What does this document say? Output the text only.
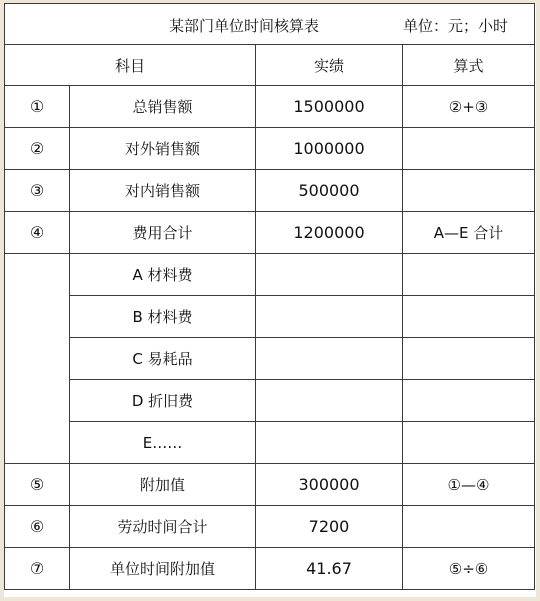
某部门单位时间核算表 单位：元；小时			

科目		实绩	算式
①	总销售额	1500000	②+③
②	对外销售额	1000000	
③	对内销售额	500000	
④	费用合计	1200000	A—E 合计
	A 材料费		
	B 材料费		
	C 易耗品		
	D 折旧费		
	E……		
⑤	附加值	300000	①—④
⑥	劳动时间合计	7200	
⑦	单位时间附加值	41.67	⑤÷⑥
